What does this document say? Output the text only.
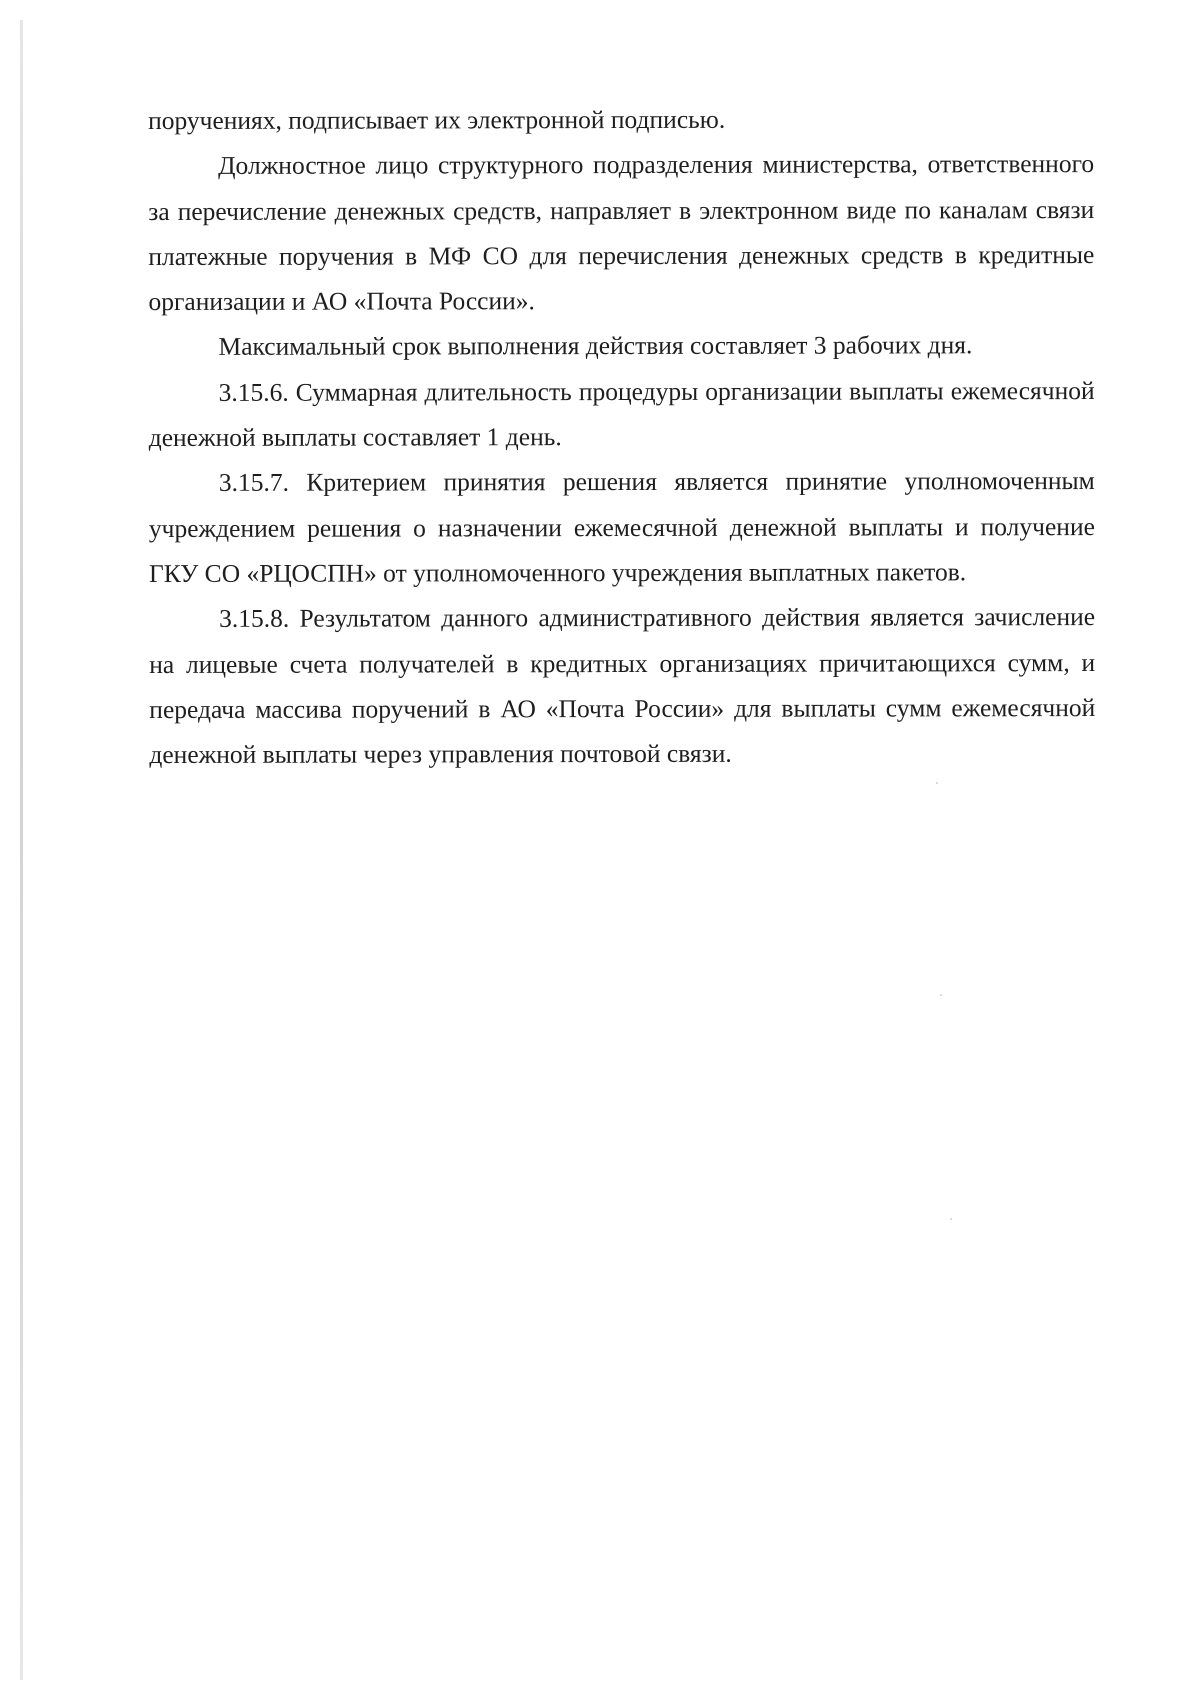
поручениях, подписывает их электронной подписью.

Должностное лицо структурного подразделения министерства, ответственного за перечисление денежных средств, направляет в электронном виде по каналам связи платежные поручения в МФ СО для перечисления денежных средств в кредитные организации и АО «Почта России».

Максимальный срок выполнения действия составляет 3 рабочих дня.

3.15.6. Суммарная длительность процедуры организации выплаты ежемесячной денежной выплаты составляет 1 день.

3.15.7. Критерием принятия решения является принятие уполномоченным учреждением решения о назначении ежемесячной денежной выплаты и получение ГКУ СО «РЦОСПН» от уполномоченного учреждения выплатных пакетов.

3.15.8. Результатом данного административного действия является зачисление на лицевые счета получателей в кредитных организациях причитающихся сумм, и передача массива поручений в АО «Почта России» для выплаты сумм ежемесячной денежной выплаты через управления почтовой связи.
